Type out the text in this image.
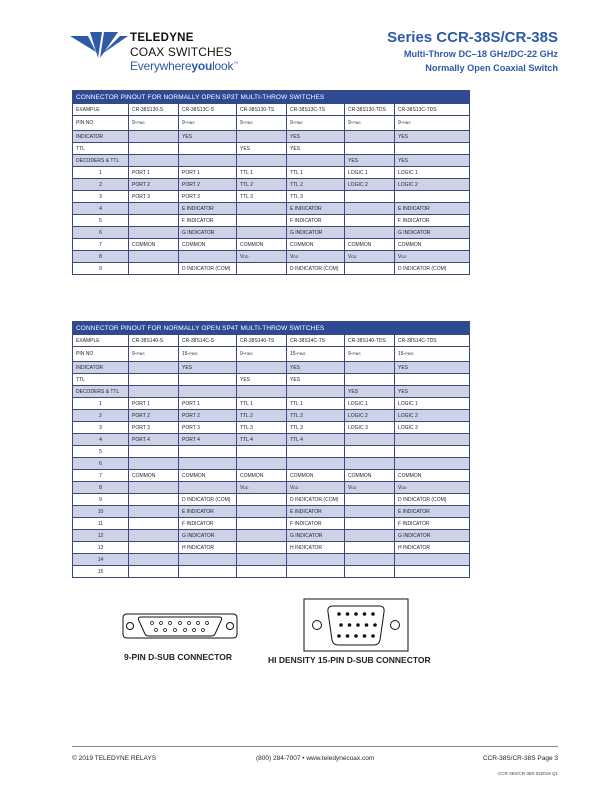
TELEDYNE
COAX SWITCHES
Everywhereyoulook™
Series CCR-38S/CR-38S
Multi-Throw DC–18 GHz/DC-22 GHz
Normally Open Coaxial Switch
CONNECTOR PINOUT FOR NORMALLY OPEN SP3T MULTI-THROW SWITCHES						
EXAMPLE	CR-38S130-S	CR-38S13C-S	CR-38S130-TS	CR-38S13C-TS	CR-38S130-TDS	CR-38S13C-TDS
PIN NO	9-PINS	9-PINS	9-PINS	9-PINS	9-PINS	9-PINS
INDICATOR		YES		YES		YES
TTL			YES	YES		
DECODERS & TTL					YES	YES
1	PORT 1	PORT 1	TTL 1	TTL 1	LOGIC 1	LOGIC 1
2	PORT 2	PORT 2	TTL 2	TTL 2	LOGIC 2	LOGIC 2
3	PORT 3	PORT 3	TTL 3	TTL 3		
4		E INDICATOR		E INDICATOR		E INDICATOR
5		F INDICATOR		F INDICATOR		F INDICATOR
6		G INDICATOR		G INDICATOR		G INDICATOR
7	COMMON	COMMON	COMMON	COMMON	COMMON	COMMON
8			VDD	VDD	VDD	VDD
9		D INDICATOR (COM)		D INDICATOR (COM)		D INDICATOR (COM)
CONNECTOR PINOUT FOR NORMALLY OPEN SP4T MULTI-THROW SWITCHES						
EXAMPLE	CR-38S140-S	CR-38S14C-S	CR-38S140-TS	CR-38S14C-TS	CR-38S140-TDS	CR-38S14C-TDS
PIN NO	9-PINS	15-PINS	9-PINS	15-PINS	9-PINS	15-PINS
INDICATOR		YES		YES		YES
TTL			YES	YES		
DECODERS & TTL					YES	YES
1	PORT 1	PORT 1	TTL 1	TTL 1	LOGIC 1	LOGIC 1
2	PORT 2	PORT 2	TTL 2	TTL 2	LOGIC 2	LOGIC 2
3	PORT 3	PORT 3	TTL 3	TTL 3	LOGIC 3	LOGIC 3
4	PORT 4	PORT 4	TTL 4	TTL 4		
5						
6						
7	COMMON	COMMON	COMMON	COMMON	COMMON	COMMON
8			VDD	VDD	VDD	VDD
9		D INDICATOR (COM)		D INDICATOR (COM)		D INDICATOR (COM)
10		E INDICATOR		E INDICATOR		E INDICATOR
11		F INDICATOR		F INDICATOR		F INDICATOR
12		G INDICATOR		G INDICATOR		G INDICATOR
13		H INDICATOR		H INDICATOR		H INDICATOR
14						
15						
9-PIN D-SUB CONNECTOR	HI DENSITY 15-PIN D-SUB CONNECTOR
© 2019 TELEDYNE RELAYS	(800) 284-7007 • www.teledynecoax.com	CCR-38S/CR-38S Page 3
CCR-38S/CR-38S 022019 Q1
